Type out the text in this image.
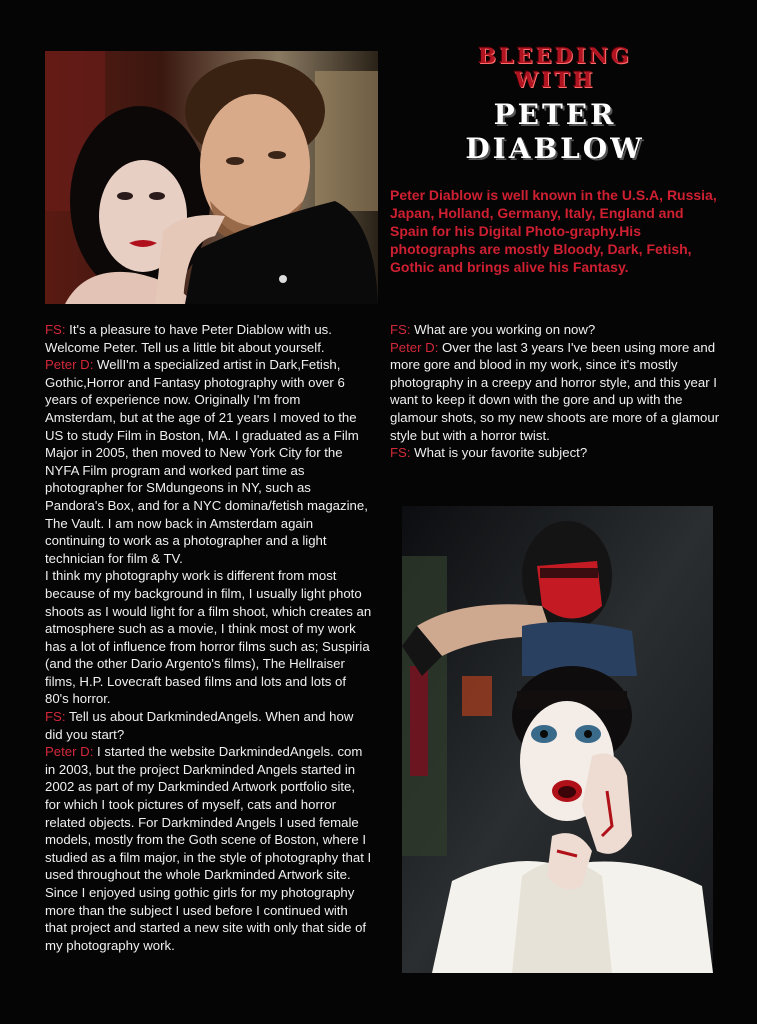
BLEEDING
WITH
PETER
DIABLOW
Peter Diablow is well known in the U.S.A, Russia, Japan, Holland, Germany, Italy, England and Spain for his Digital Photo-graphy.His photographs are mostly Bloody, Dark, Fetish, Gothic and brings alive his Fantasy.

FS: It's a pleasure to have Peter Diablow with us. Welcome Peter. Tell us a little bit about yourself.

Peter D: WellI'm a specialized artist in Dark,Fetish, Gothic,Horror and Fantasy photography with over 6 years of experience now. Originally I'm from Amsterdam, but at the age of 21 years I moved to the US to study Film in Boston, MA. I graduated as a Film Major in 2005, then moved to New York City for the NYFA Film program and worked part time as photographer for SMdungeons in NY, such as Pandora's Box, and for a NYC domina/fetish magazine, The Vault. I am now back in Amsterdam again continuing to work as a photographer and a light technician for film & TV.

I think my photography work is different from most because of my background in film, I usually light photo shoots as I would light for a film shoot, which creates an atmosphere such as a movie, I think most of my work has a lot of influence from horror films such as; Suspiria (and the other Dario Argento's films), The Hellraiser films, H.P. Lovecraft based films and lots and lots of 80's horror.

FS: Tell us about DarkmindedAngels. When and how did you start?

Peter D: I started the website DarkmindedAngels. com in 2003, but the project Darkminded Angels started in 2002 as part of my Darkminded Artwork portfolio site, for which I took pictures of myself, cats and horror related objects. For Darkminded Angels I used female models, mostly from the Goth scene of Boston, where I studied as a film major, in the style of photography that I used throughout the whole Darkminded Artwork site. Since I enjoyed using gothic girls for my photography more than the subject I used before I continued with that project and started a new site with only that side of my photography work.

FS: What are you working on now?

Peter D: Over the last 3 years I've been using more and more gore and blood in my work, since it's mostly photography in a creepy and horror style, and this year I want to keep it down with the gore and up with the glamour shots, so my new shoots are more of a glamour style but with a horror twist.

FS: What is your favorite subject?
